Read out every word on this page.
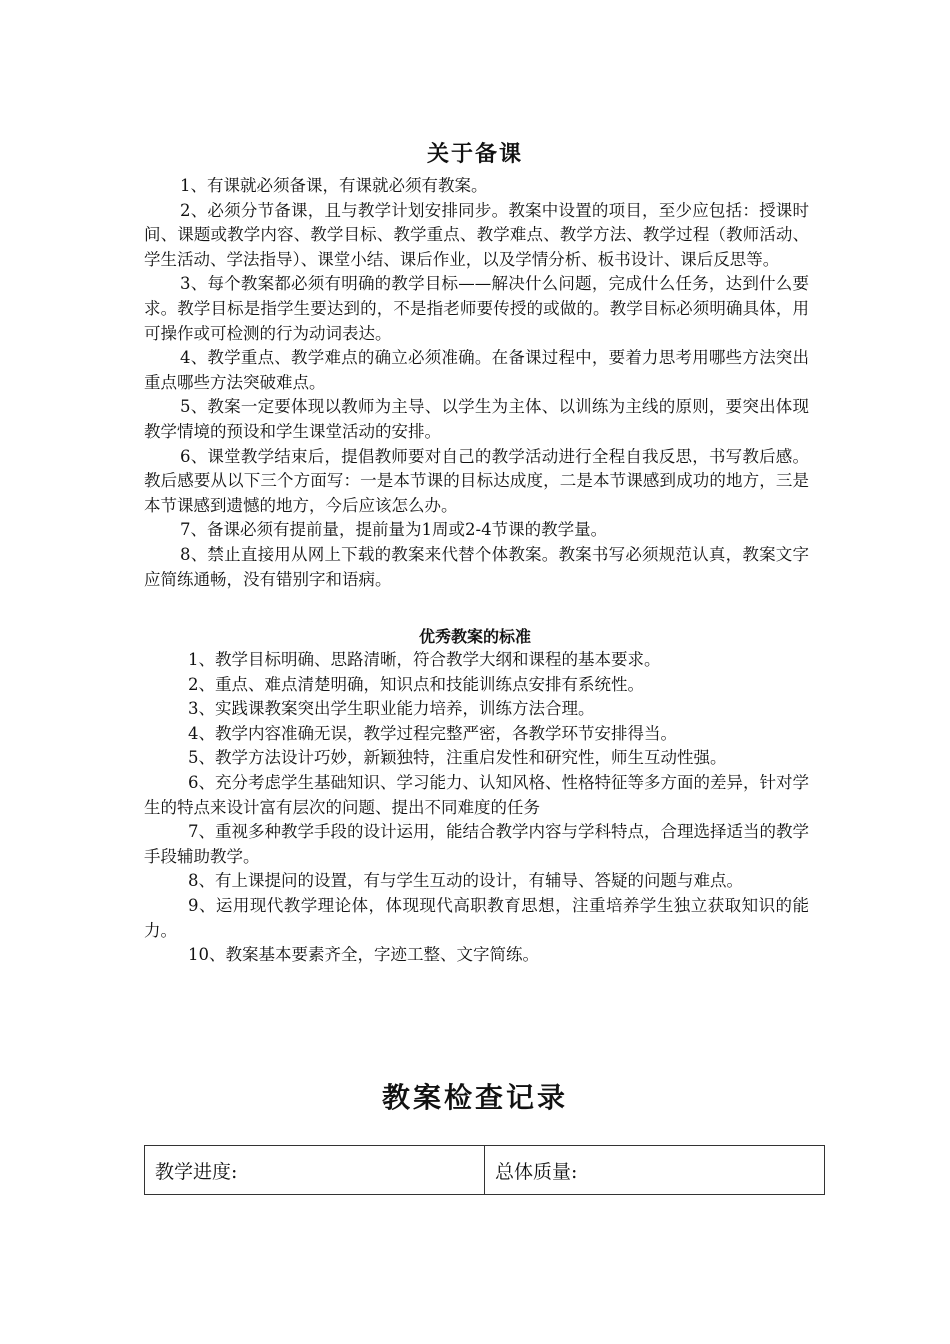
关于备课

1、有课就必须备课，有课就必须有教案。

2、必须分节备课，且与教学计划安排同步。教案中设置的项目，至少应包括：授课时间、课题或教学内容、教学目标、教学重点、教学难点、教学方法、教学过程（教师活动、学生活动、学法指导）、课堂小结、课后作业，以及学情分析、板书设计、课后反思等。

3、每个教案都必须有明确的教学目标——解决什么问题，完成什么任务，达到什么要求。教学目标是指学生要达到的，不是指老师要传授的或做的。教学目标必须明确具体，用可操作或可检测的行为动词表达。

4、教学重点、教学难点的确立必须准确。在备课过程中，要着力思考用哪些方法突出重点哪些方法突破难点。

5、教案一定要体现以教师为主导、以学生为主体、以训练为主线的原则，要突出体现教学情境的预设和学生课堂活动的安排。

6、课堂教学结束后，提倡教师要对自己的教学活动进行全程自我反思，书写教后感。教后感要从以下三个方面写：一是本节课的目标达成度，二是本节课感到成功的地方，三是本节课感到遗憾的地方，今后应该怎么办。

7、备课必须有提前量，提前量为1周或2-4节课的教学量。

8、禁止直接用从网上下载的教案来代替个体教案。教案书写必须规范认真，教案文字应简练通畅，没有错别字和语病。

优秀教案的标准

1、教学目标明确、思路清晰，符合教学大纲和课程的基本要求。

2、重点、难点清楚明确，知识点和技能训练点安排有系统性。

3、实践课教案突出学生职业能力培养，训练方法合理。

4、教学内容准确无误，教学过程完整严密，各教学环节安排得当。

5、教学方法设计巧妙，新颖独特，注重启发性和研究性，师生互动性强。

6、充分考虑学生基础知识、学习能力、认知风格、性格特征等多方面的差异，针对学生的特点来设计富有层次的问题、提出不同难度的任务

7、重视多种教学手段的设计运用，能结合教学内容与学科特点，合理选择适当的教学手段辅助教学。

8、有上课提问的设置，有与学生互动的设计，有辅导、答疑的问题与难点。

9、运用现代教学理论体，体现现代高职教育思想，注重培养学生独立获取知识的能力。

10、教案基本要素齐全，字迹工整、文字简练。

教案检查记录
教学进度:	总体质量:
